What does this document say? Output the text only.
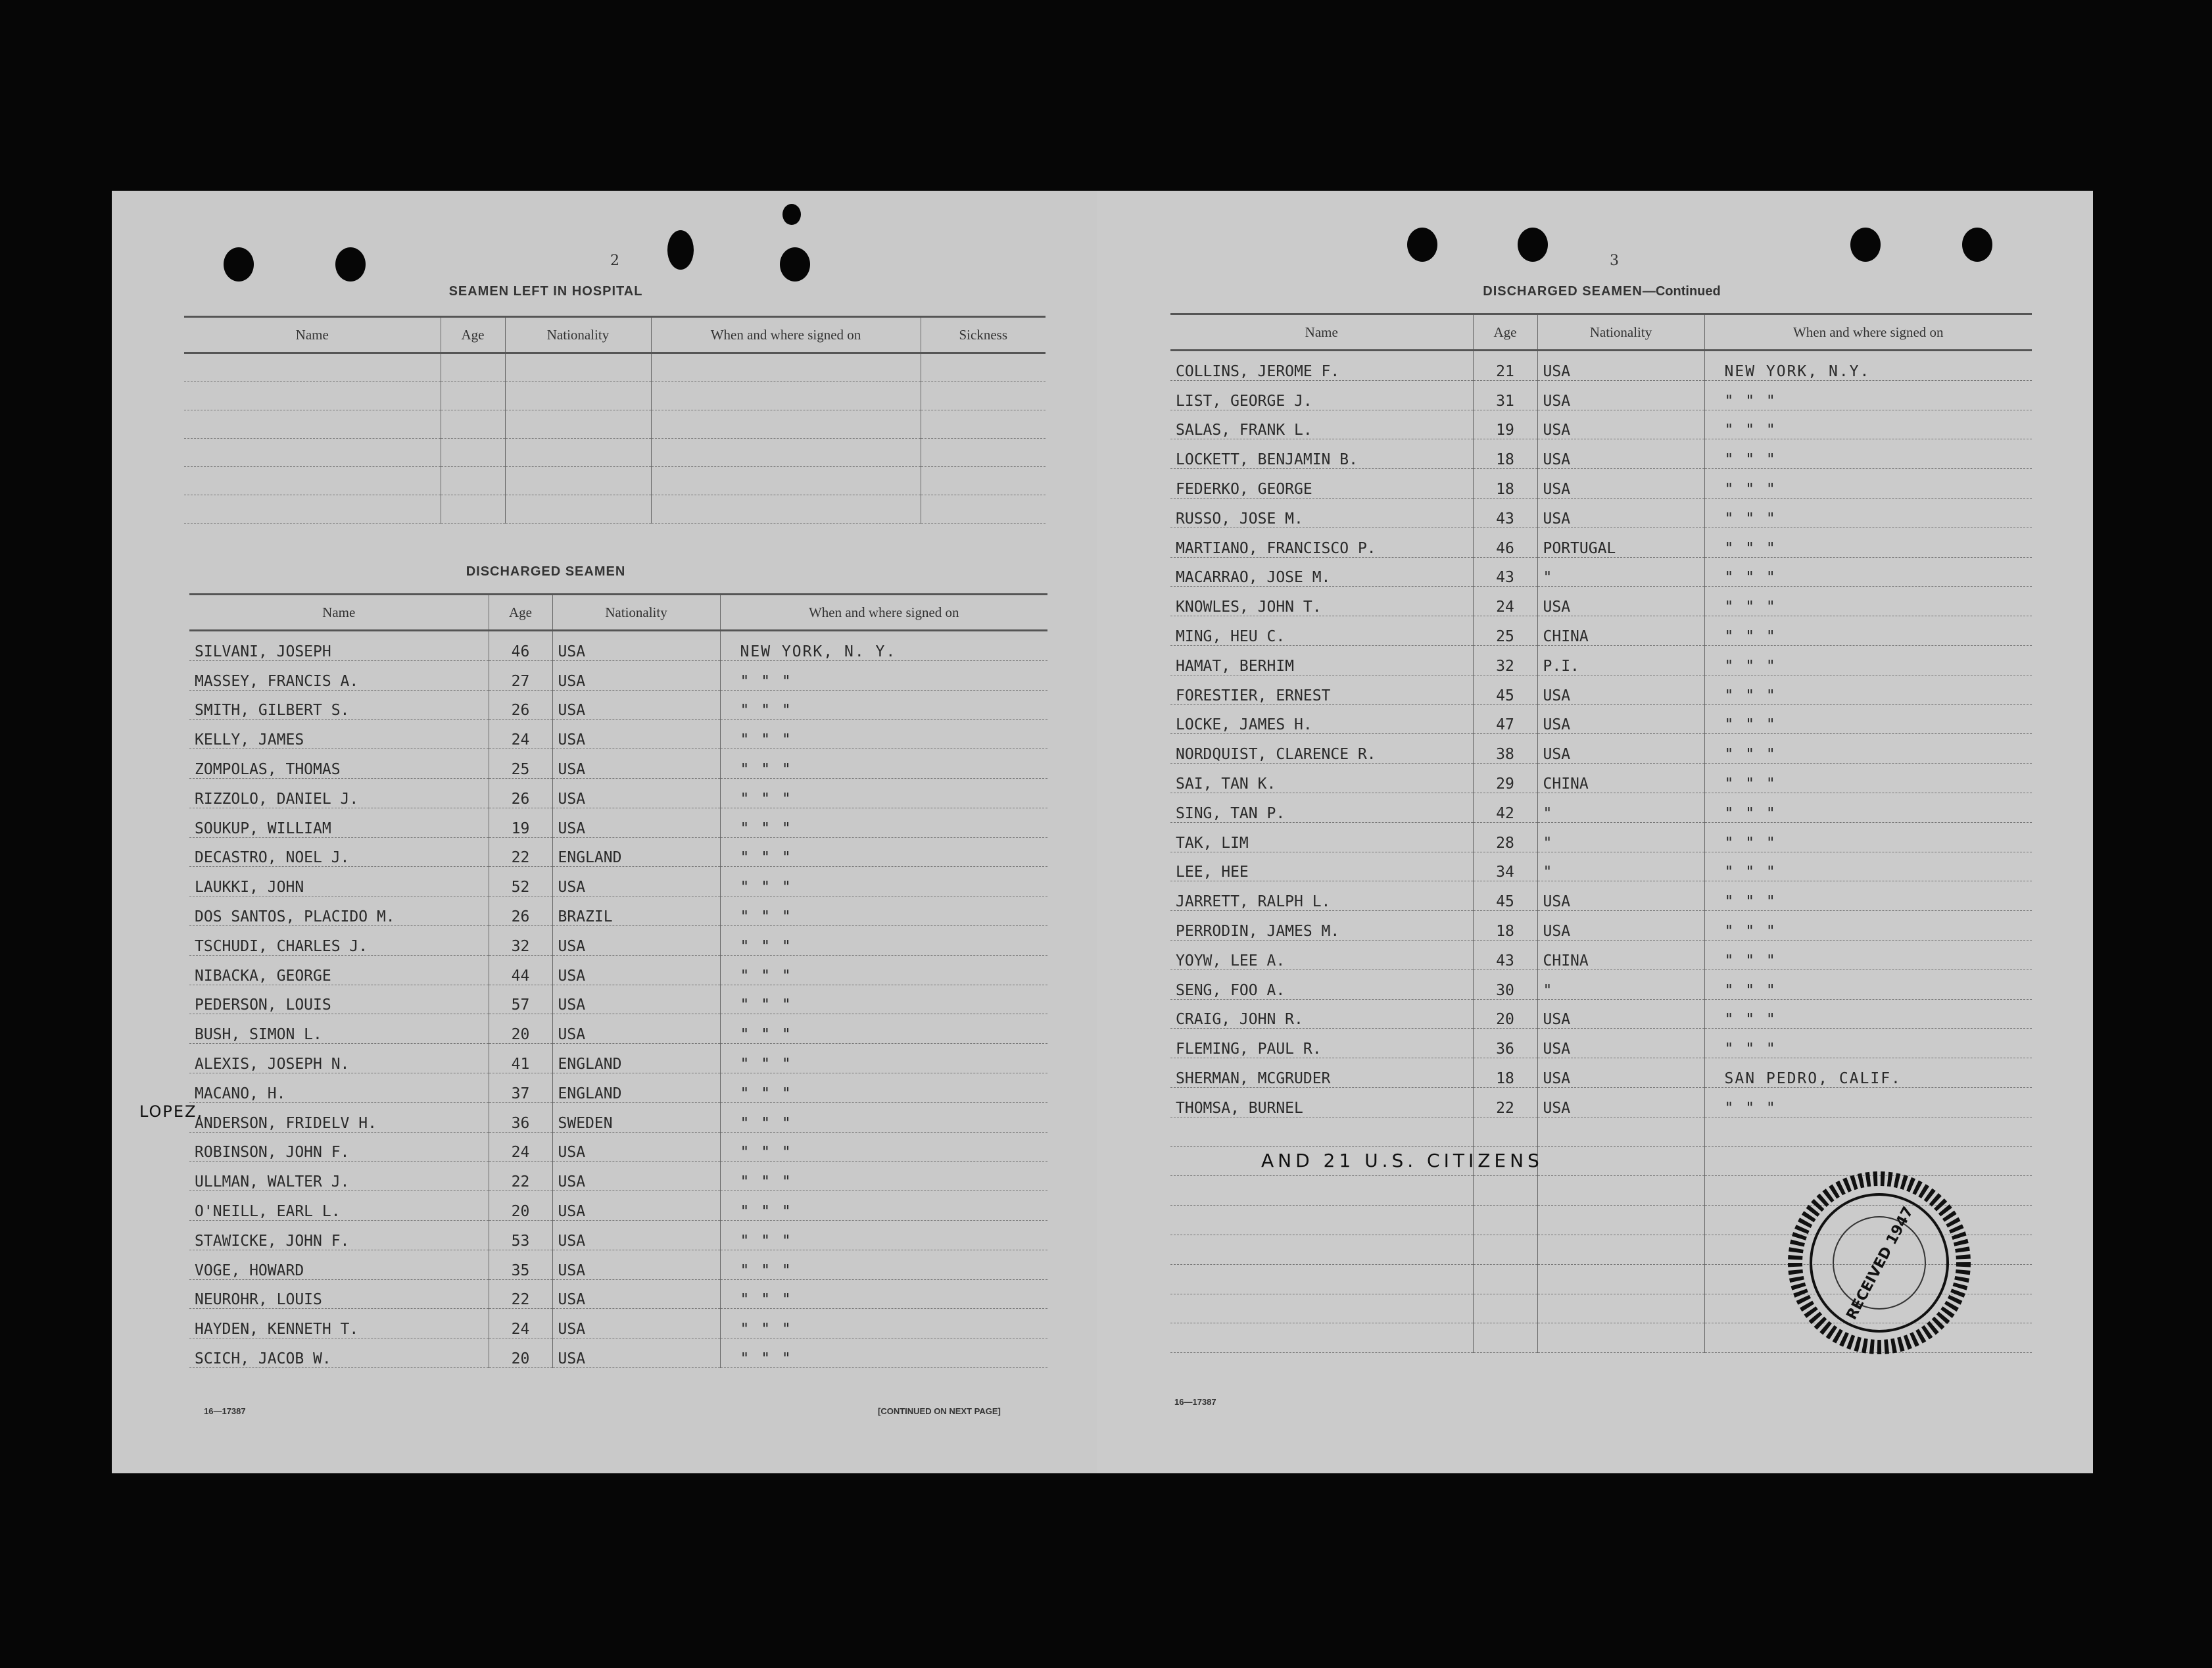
2
SEAMEN LEFT IN HOSPITAL
Name	Age	Nationality	When and where signed on	Sickness

DISCHARGED SEAMEN
Name	Age	Nationality	When and where signed on
SILVANI, JOSEPH	46	USA	NEW YORK, N. Y.
MASSEY, FRANCIS A.	27	USA	" " "
SMITH, GILBERT S.	26	USA	" " "
KELLY, JAMES	24	USA	" " "
ZOMPOLAS, THOMAS	25	USA	" " "
RIZZOLO, DANIEL J.	26	USA	" " "
SOUKUP, WILLIAM	19	USA	" " "
DECASTRO, NOEL J.	22	ENGLAND	" " "
LAUKKI, JOHN	52	USA	" " "
DOS SANTOS, PLACIDO M.	26	BRAZIL	" " "
TSCHUDI, CHARLES J.	32	USA	" " "
NIBACKA, GEORGE	44	USA	" " "
PEDERSON, LOUIS	57	USA	" " "
BUSH, SIMON L.	20	USA	" " "
ALEXIS, JOSEPH N.	41	ENGLAND	" " "
MACANO, H.	37	ENGLAND	" " "
ANDERSON, FRIDELV H.	36	SWEDEN	" " "
ROBINSON, JOHN F.	24	USA	" " "
ULLMAN, WALTER J.	22	USA	" " "
O'NEILL, EARL L.	20	USA	" " "
STAWICKE, JOHN F.	53	USA	" " "
VOGE, HOWARD	35	USA	" " "
NEUROHR, LOUIS	22	USA	" " "
HAYDEN, KENNETH T.	24	USA	" " "
SCICH, JACOB W.	20	USA	" " "
16—17387	[CONTINUED ON NEXT PAGE]
LOPEZ,
3
DISCHARGED SEAMEN—Continued
Name	Age	Nationality	When and where signed on
COLLINS, JEROME F.	21	USA	NEW YORK, N.Y.
LIST, GEORGE J.	31	USA	" " "
SALAS, FRANK L.	19	USA	" " "
LOCKETT, BENJAMIN B.	18	USA	" " "
FEDERKO, GEORGE	18	USA	" " "
RUSSO, JOSE M.	43	USA	" " "
MARTIANO, FRANCISCO P.	46	PORTUGAL	" " "
MACARRAO, JOSE M.	43	"	" " "
KNOWLES, JOHN T.	24	USA	" " "
MING, HEU C.	25	CHINA	" " "
HAMAT, BERHIM	32	P.I.	" " "
FORESTIER, ERNEST	45	USA	" " "
LOCKE, JAMES H.	47	USA	" " "
NORDQUIST, CLARENCE R.	38	USA	" " "
SAI, TAN K.	29	CHINA	" " "
SING, TAN P.	42	"	" " "
TAK, LIM	28	"	" " "
LEE, HEE	34	"	" " "
JARRETT, RALPH L.	45	USA	" " "
PERRODIN, JAMES M.	18	USA	" " "
YOYW, LEE A.	43	CHINA	" " "
SENG, FOO A.	30	"	" " "
CRAIG, JOHN R.	20	USA	" " "
FLEMING, PAUL R.	36	USA	" " "
SHERMAN, MCGRUDER	18	USA	SAN PEDRO, CALIF.
THOMSA, BURNEL	22	USA	" " "

AND 21 U.S. CITIZENS
RECEIVED 1947
16—17387
